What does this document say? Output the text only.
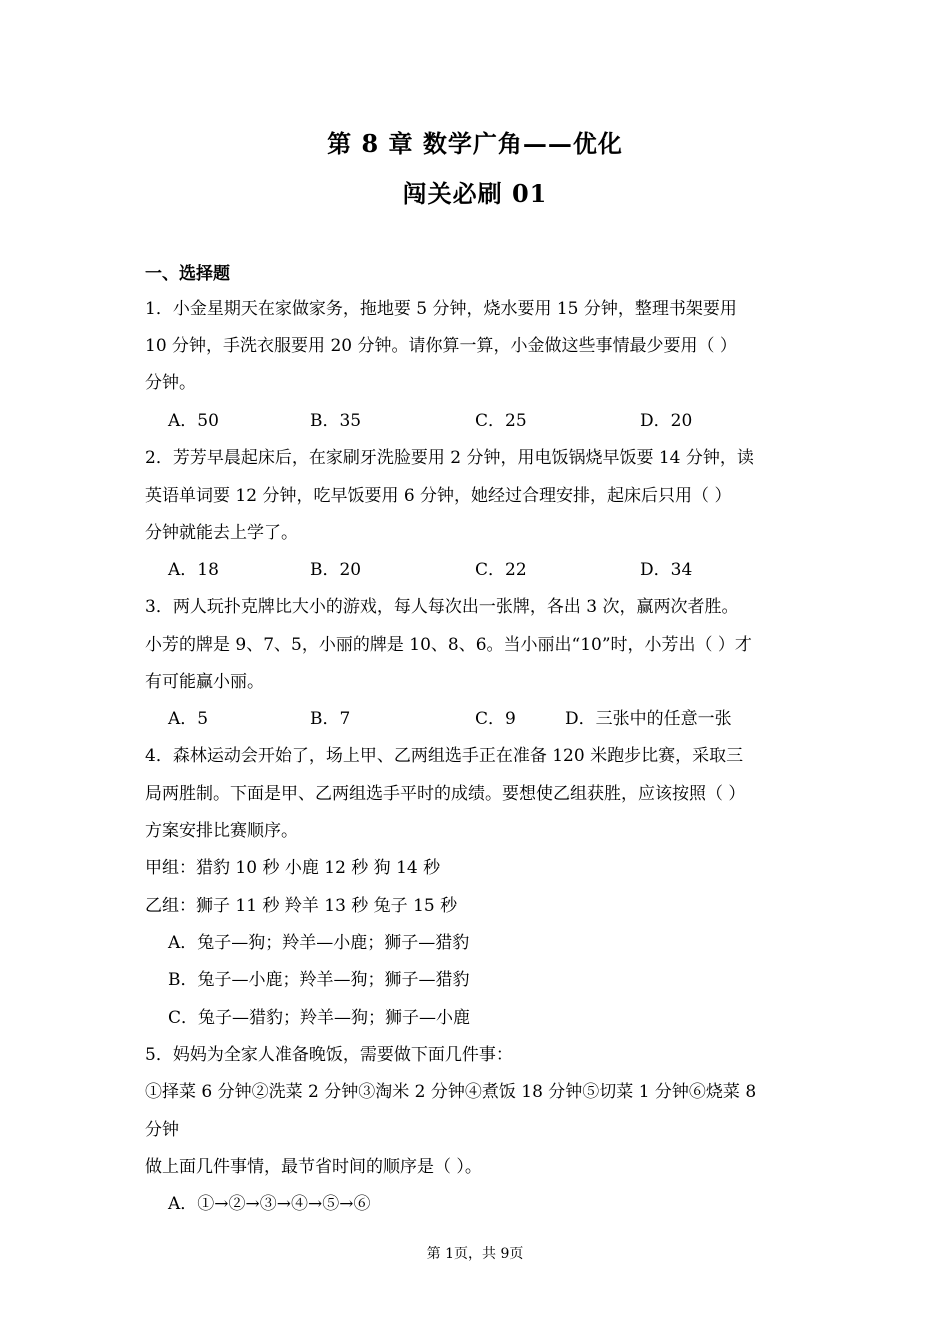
第 8 章 数学广角——优化
闯关必刷 01
一、选择题
1．小金星期天在家做家务，拖地要 5 分钟，烧水要用 15 分钟，整理书架要用
10 分钟，手洗衣服要用 20 分钟。请你算一算，小金做这些事情最少要用（ ）
分钟。
A．50	B．35	C．25	D．20
2．芳芳早晨起床后，在家刷牙洗脸要用 2 分钟，用电饭锅烧早饭要 14 分钟，读
英语单词要 12 分钟，吃早饭要用 6 分钟，她经过合理安排，起床后只用（ ）
分钟就能去上学了。
A．18	B．20	C．22	D．34
3．两人玩扑克牌比大小的游戏，每人每次出一张牌，各出 3 次，赢两次者胜。
小芳的牌是 9、7、5，小丽的牌是 10、8、6。当小丽出“10”时，小芳出（ ）才
有可能赢小丽。
A．5	B．7	C．9	D．三张中的任意一张
4．森林运动会开始了，场上甲、乙两组选手正在准备 120 米跑步比赛，采取三
局两胜制。下面是甲、乙两组选手平时的成绩。要想使乙组获胜，应该按照（ ）
方案安排比赛顺序。
甲组：猎豹 10 秒 小鹿 12 秒 狗 14 秒
乙组：狮子 11 秒 羚羊 13 秒 兔子 15 秒
A．兔子—狗；羚羊—小鹿；狮子—猎豹
B．兔子—小鹿；羚羊—狗；狮子—猎豹
C．兔子—猎豹；羚羊—狗；狮子—小鹿
5．妈妈为全家人准备晚饭，需要做下面几件事：
①择菜 6 分钟②洗菜 2 分钟③淘米 2 分钟④煮饭 18 分钟⑤切菜 1 分钟⑥烧菜 8
分钟
做上面几件事情，最节省时间的顺序是（ ）。
A．①→②→③→④→⑤→⑥
第 1页，共 9页
